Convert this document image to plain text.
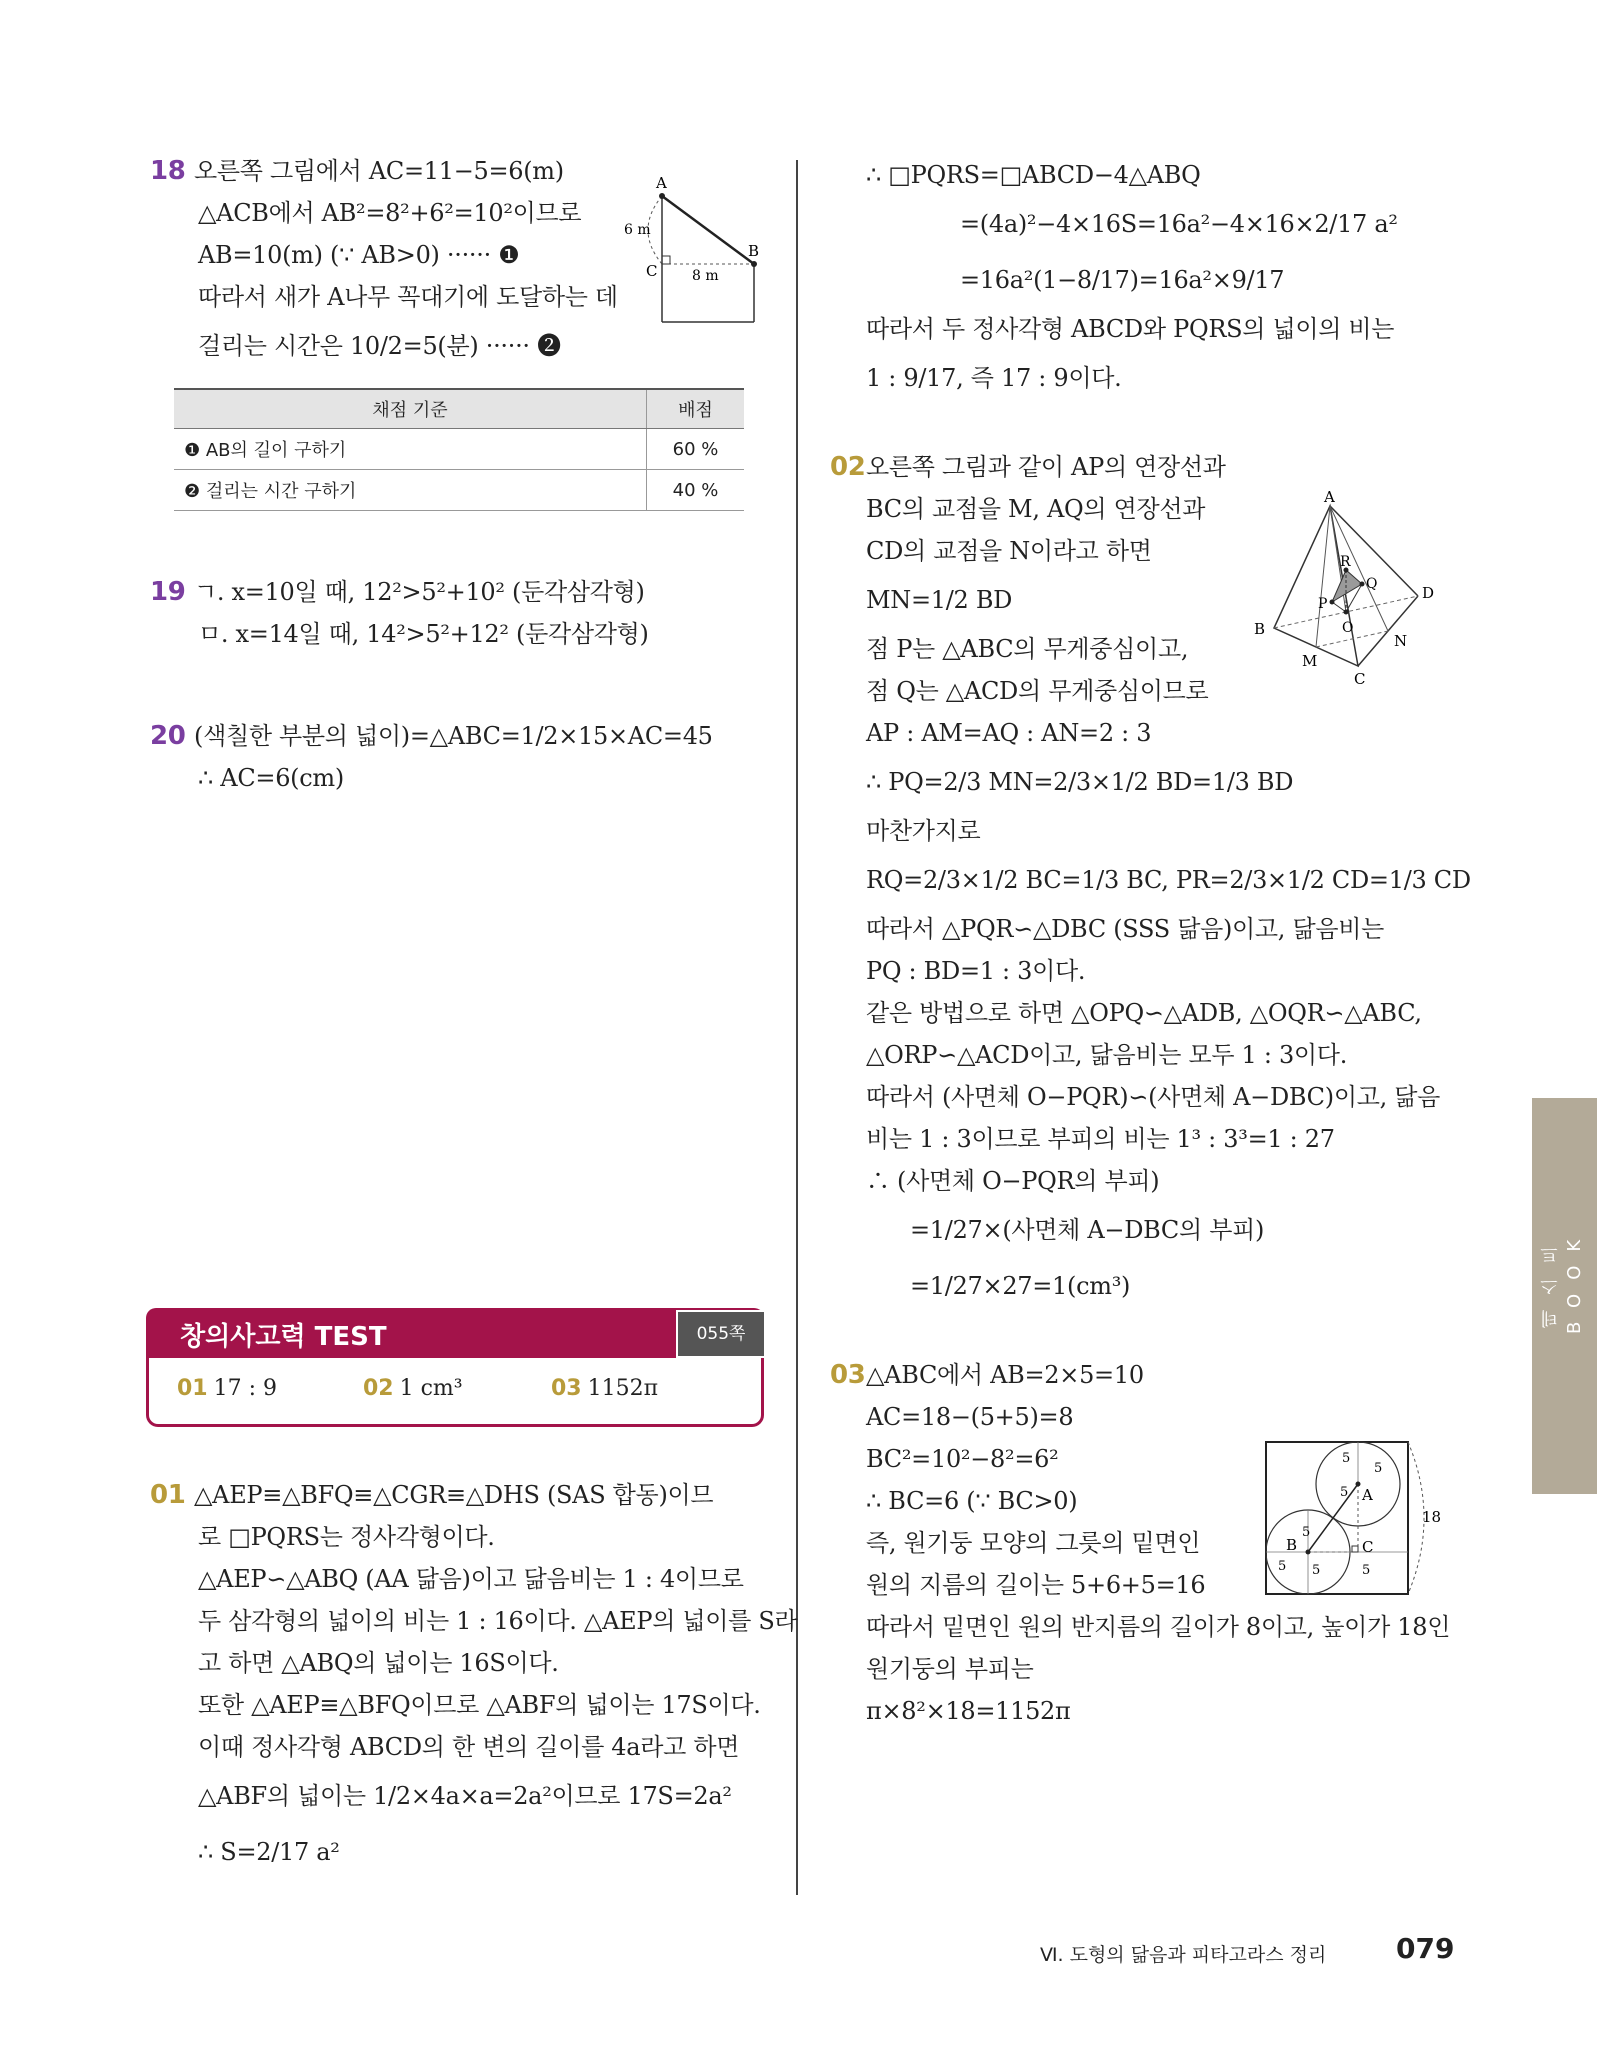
18 오른쪽 그림에서 AC=11−5=6(m)
△ACB에서 AB²=8²+6²=10²이므로
AB=10(m) (∵ AB>0) ······ ❶
따라서 새가 A나무 꼭대기에 도달하는 데
걸리는 시간은 10/2=5(분) ······ ❷
채점 기준	배점
❶ AB의 길이 구하기	60 %
❷ 걸리는 시간 구하기	40 %
19 ㄱ. x=10일 때, 12²>5²+10² (둔각삼각형)
ㅁ. x=14일 때, 14²>5²+12² (둔각삼각형)
20 (색칠한 부분의 넓이)=△ABC=1/2×15×AC=45
∴ AC=6(cm)
A
B
C
6 m
8 m
창의사고력 TEST	055쪽
01 17 : 9	02 1 cm³	03 1152π
01 △AEP≡△BFQ≡△CGR≡△DHS (SAS 합동)이므
로 □PQRS는 정사각형이다.
△AEP∽△ABQ (AA 닮음)이고 닮음비는 1 : 4이므로
두 삼각형의 넓이의 비는 1 : 16이다. △AEP의 넓이를 S라
고 하면 △ABQ의 넓이는 16S이다.
또한 △AEP≡△BFQ이므로 △ABF의 넓이는 17S이다.
이때 정사각형 ABCD의 한 변의 길이를 4a라고 하면
△ABF의 넓이는 1/2×4a×a=2a²이므로 17S=2a²
∴ S=2/17 a²
∴ □PQRS=□ABCD−4△ABQ
=(4a)²−4×16S=16a²−4×16×2/17 a²
=16a²(1−8/17)=16a²×9/17
따라서 두 정사각형 ABCD와 PQRS의 넓이의 비는
1 : 9/17, 즉 17 : 9이다.
02오른쪽 그림과 같이 AP의 연장선과
BC의 교점을 M, AQ의 연장선과
CD의 교점을 N이라고 하면
MN=1/2 BD
점 P는 △ABC의 무게중심이고,
점 Q는 △ACD의 무게중심이므로
AP : AM=AQ : AN=2 : 3
∴ PQ=2/3 MN=2/3×1/2 BD=1/3 BD
마찬가지로
RQ=2/3×1/2 BC=1/3 BC, PR=2/3×1/2 CD=1/3 CD
따라서 △PQR∽△DBC (SSS 닮음)이고, 닮음비는
PQ : BD=1 : 3이다.
같은 방법으로 하면 △OPQ∽△ADB, △OQR∽△ABC,
△ORP∽△ACD이고, 닮음비는 모두 1 : 3이다.
따라서 (사면체 O−PQR)∽(사면체 A−DBC)이고, 닮음
비는 1 : 3이므로 부피의 비는 1³ : 3³=1 : 27
∴ (사면체 O−PQR의 부피)
=1/27×(사면체 A−DBC의 부피)
=1/27×27=1(cm³)
03△ABC에서 AB=2×5=10
AC=18−(5+5)=8
BC²=10²−8²=6²
∴ BC=6 (∵ BC>0)
즉, 원기둥 모양의 그릇의 밑면인
원의 지름의 길이는 5+6+5=16
따라서 밑면인 원의 반지름의 길이가 8이고, 높이가 18인
원기둥의 부피는
π×8²×18=1152π
A
B
C
D
M
N
O
P
Q
R
A
B	C
18
5
5
5
5
5 5	5
테스트 BOOK
Ⅵ. 도형의 닮음과 피타고라스 정리 079
